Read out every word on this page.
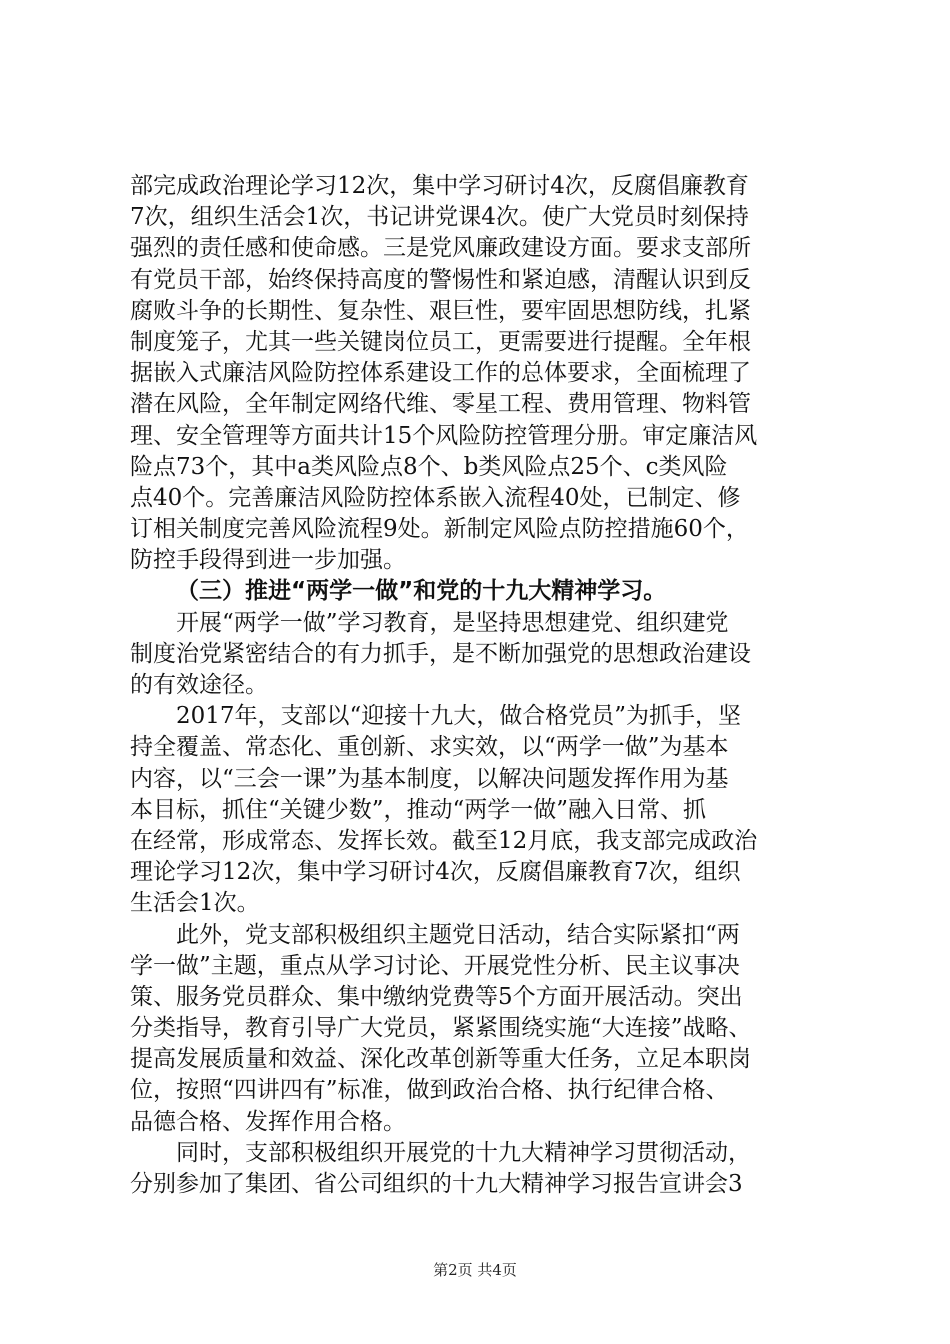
部完成政治理论学习12次，集中学习研讨4次，反腐倡廉教育
7次，组织生活会1次，书记讲党课4次。使广大党员时刻保持
强烈的责任感和使命感。三是党风廉政建设方面。要求支部所
有党员干部，始终保持高度的警惕性和紧迫感，清醒认识到反
腐败斗争的长期性、复杂性、艰巨性，要牢固思想防线，扎紧
制度笼子，尤其一些关键岗位员工，更需要进行提醒。全年根
据嵌入式廉洁风险防控体系建设工作的总体要求，全面梳理了
潜在风险，全年制定网络代维、零星工程、费用管理、物料管
理、安全管理等方面共计15个风险防控管理分册。审定廉洁风
险点73个，其中a类风险点8个、b类风险点25个、c类风险
点40个。完善廉洁风险防控体系嵌入流程40处，已制定、修
订相关制度完善风险流程9处。新制定风险点防控措施60个，
防控手段得到进一步加强。
（三）推进“两学一做”和党的十九大精神学习。
开展“两学一做”学习教育，是坚持思想建党、组织建党
制度治党紧密结合的有力抓手，是不断加强党的思想政治建设
的有效途径。
2017年，支部以“迎接十九大，做合格党员”为抓手，坚
持全覆盖、常态化、重创新、求实效，以“两学一做”为基本
内容，以“三会一课”为基本制度，以解决问题发挥作用为基
本目标，抓住“关键少数”，推动“两学一做”融入日常、抓
在经常，形成常态、发挥长效。截至12月底，我支部完成政治
理论学习12次，集中学习研讨4次，反腐倡廉教育7次，组织
生活会1次。
此外，党支部积极组织主题党日活动，结合实际紧扣“两
学一做”主题，重点从学习讨论、开展党性分析、民主议事决
策、服务党员群众、集中缴纳党费等5个方面开展活动。突出
分类指导，教育引导广大党员，紧紧围绕实施“大连接”战略、
提高发展质量和效益、深化改革创新等重大任务，立足本职岗
位，按照“四讲四有”标准，做到政治合格、执行纪律合格、
品德合格、发挥作用合格。
同时，支部积极组织开展党的十九大精神学习贯彻活动，
分别参加了集团、省公司组织的十九大精神学习报告宣讲会3
第2页 共4页
